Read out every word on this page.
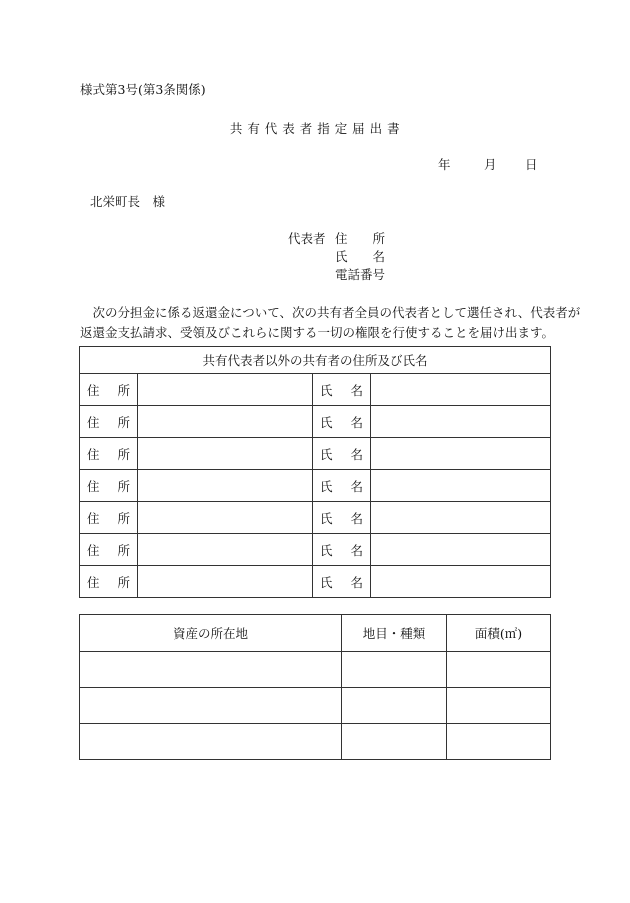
様式第3号(第3条関係)
共 有 代 表 者 指 定 届 出 書
年	月 日
北栄町長　様
代表者 住　　所
氏　　名
電話番号
　次の分担金に係る返還金について、次の共有者全員の代表者として選任され、代表者が
返還金支払請求、受領及びこれらに関する一切の権限を行使することを届け出ます。
共有代表者以外の共有者の住所及び氏名			
住所		氏名	
住所		氏名	
住所		氏名	
住所		氏名	
住所		氏名	
住所		氏名	
住所		氏名	
資産の所在地	地目・種類	面積(㎡)
